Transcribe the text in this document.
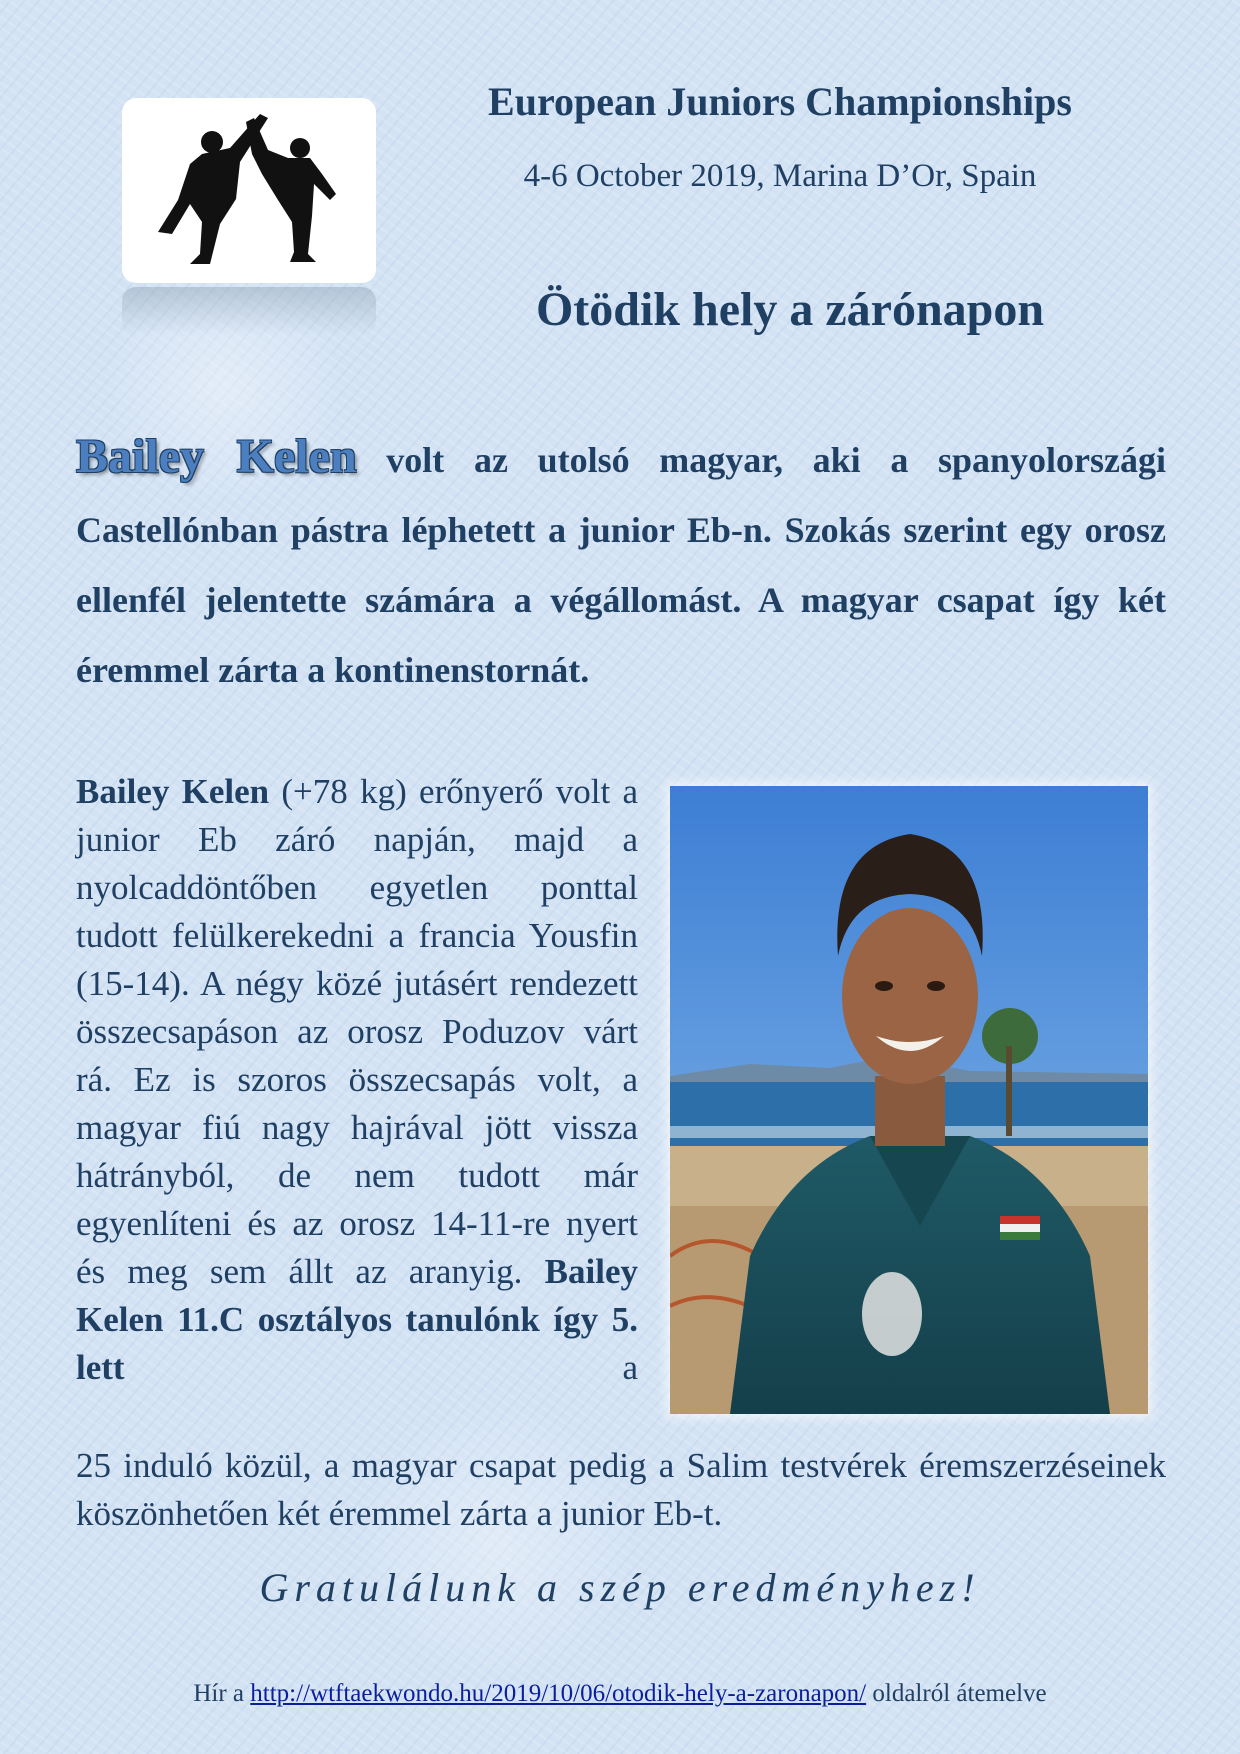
European Juniors Championships
4-6 October 2019, Marina D’Or, Spain
Ötödik hely a zárónapon
Bailey Kelen volt az utolsó magyar, aki a spanyolországi Castellónban pástra léphetett a junior Eb-n. Szokás szerint egy orosz ellenfél jelentette számára a végállomást. A magyar csapat így két éremmel zárta a kontinenstornát.
Bailey Kelen (+78 kg) erőnyerő volt a junior Eb záró napján, majd a nyolcaddöntőben egyetlen ponttal tudott felülkerekedni a francia Yousfin (15-14). A négy közé jutásért rendezett összecsapáson az orosz Poduzov várt rá. Ez is szoros összecsapás volt, a magyar fiú nagy hajrával jött vissza hátrányból, de nem tudott már egyenlíteni és az orosz 14-11-re nyert és meg sem állt az aranyig. Bailey Kelen 11.C osztályos tanulónk így 5. lett a
25 induló közül, a magyar csapat pedig a Salim testvérek éremszerzéseinek köszönhetően két éremmel zárta a junior Eb-t.
Gratulálunk a szép eredményhez!
Hír a http://wtftaekwondo.hu/2019/10/06/otodik-hely-a-zaronapon/ oldalról átemelve
